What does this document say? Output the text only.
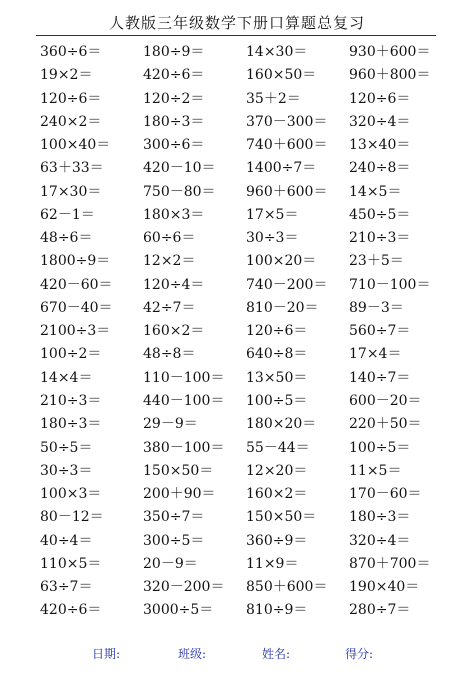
人教版三年级数学下册口算题总复习
360÷6＝	180÷9＝	14×30＝	930＋600＝
19×2＝	420÷6＝	160×50＝	960＋800＝
120÷6＝	120÷2＝	35＋2＝	120÷6＝
240×2＝	180÷3＝	370－300＝	320÷4＝
100×40＝	300÷6＝	740＋600＝	13×40＝
63＋33＝	420－10＝	1400÷7＝	240÷8＝
17×30＝	750－80＝	960＋600＝	14×5＝
62－1＝	180×3＝	17×5＝	450÷5＝
48÷6＝	60÷6＝	30÷3＝	210÷3＝
1800÷9＝	12×2＝	100×20＝	23＋5＝
420－60＝	120÷4＝	740－200＝	710－100＝
670－40＝	42÷7＝	810－20＝	89－3＝
2100÷3＝	160×2＝	120÷6＝	560÷7＝
100÷2＝	48÷8＝	640÷8＝	17×4＝
14×4＝	110－100＝	13×50＝	140÷7＝
210÷3＝	440－100＝	100÷5＝	600－20＝
180÷3＝	29－9＝	180×20＝	220＋50＝
50÷5＝	380－100＝	55－44＝	100÷5＝
30÷3＝	150×50＝	12×20＝	11×5＝
100×3＝	200＋90＝	160×2＝	170－60＝
80－12＝	350÷7＝	150×50＝	180÷3＝
40÷4＝	300÷5＝	360÷9＝	320÷4＝
110×5＝	20－9＝	11×9＝	870＋700＝
63÷7＝	320－200＝	850＋600＝	190×40＝
420÷6＝	3000÷5＝	810÷9＝	280÷7＝
日期:	班级:	姓名:	得分:
